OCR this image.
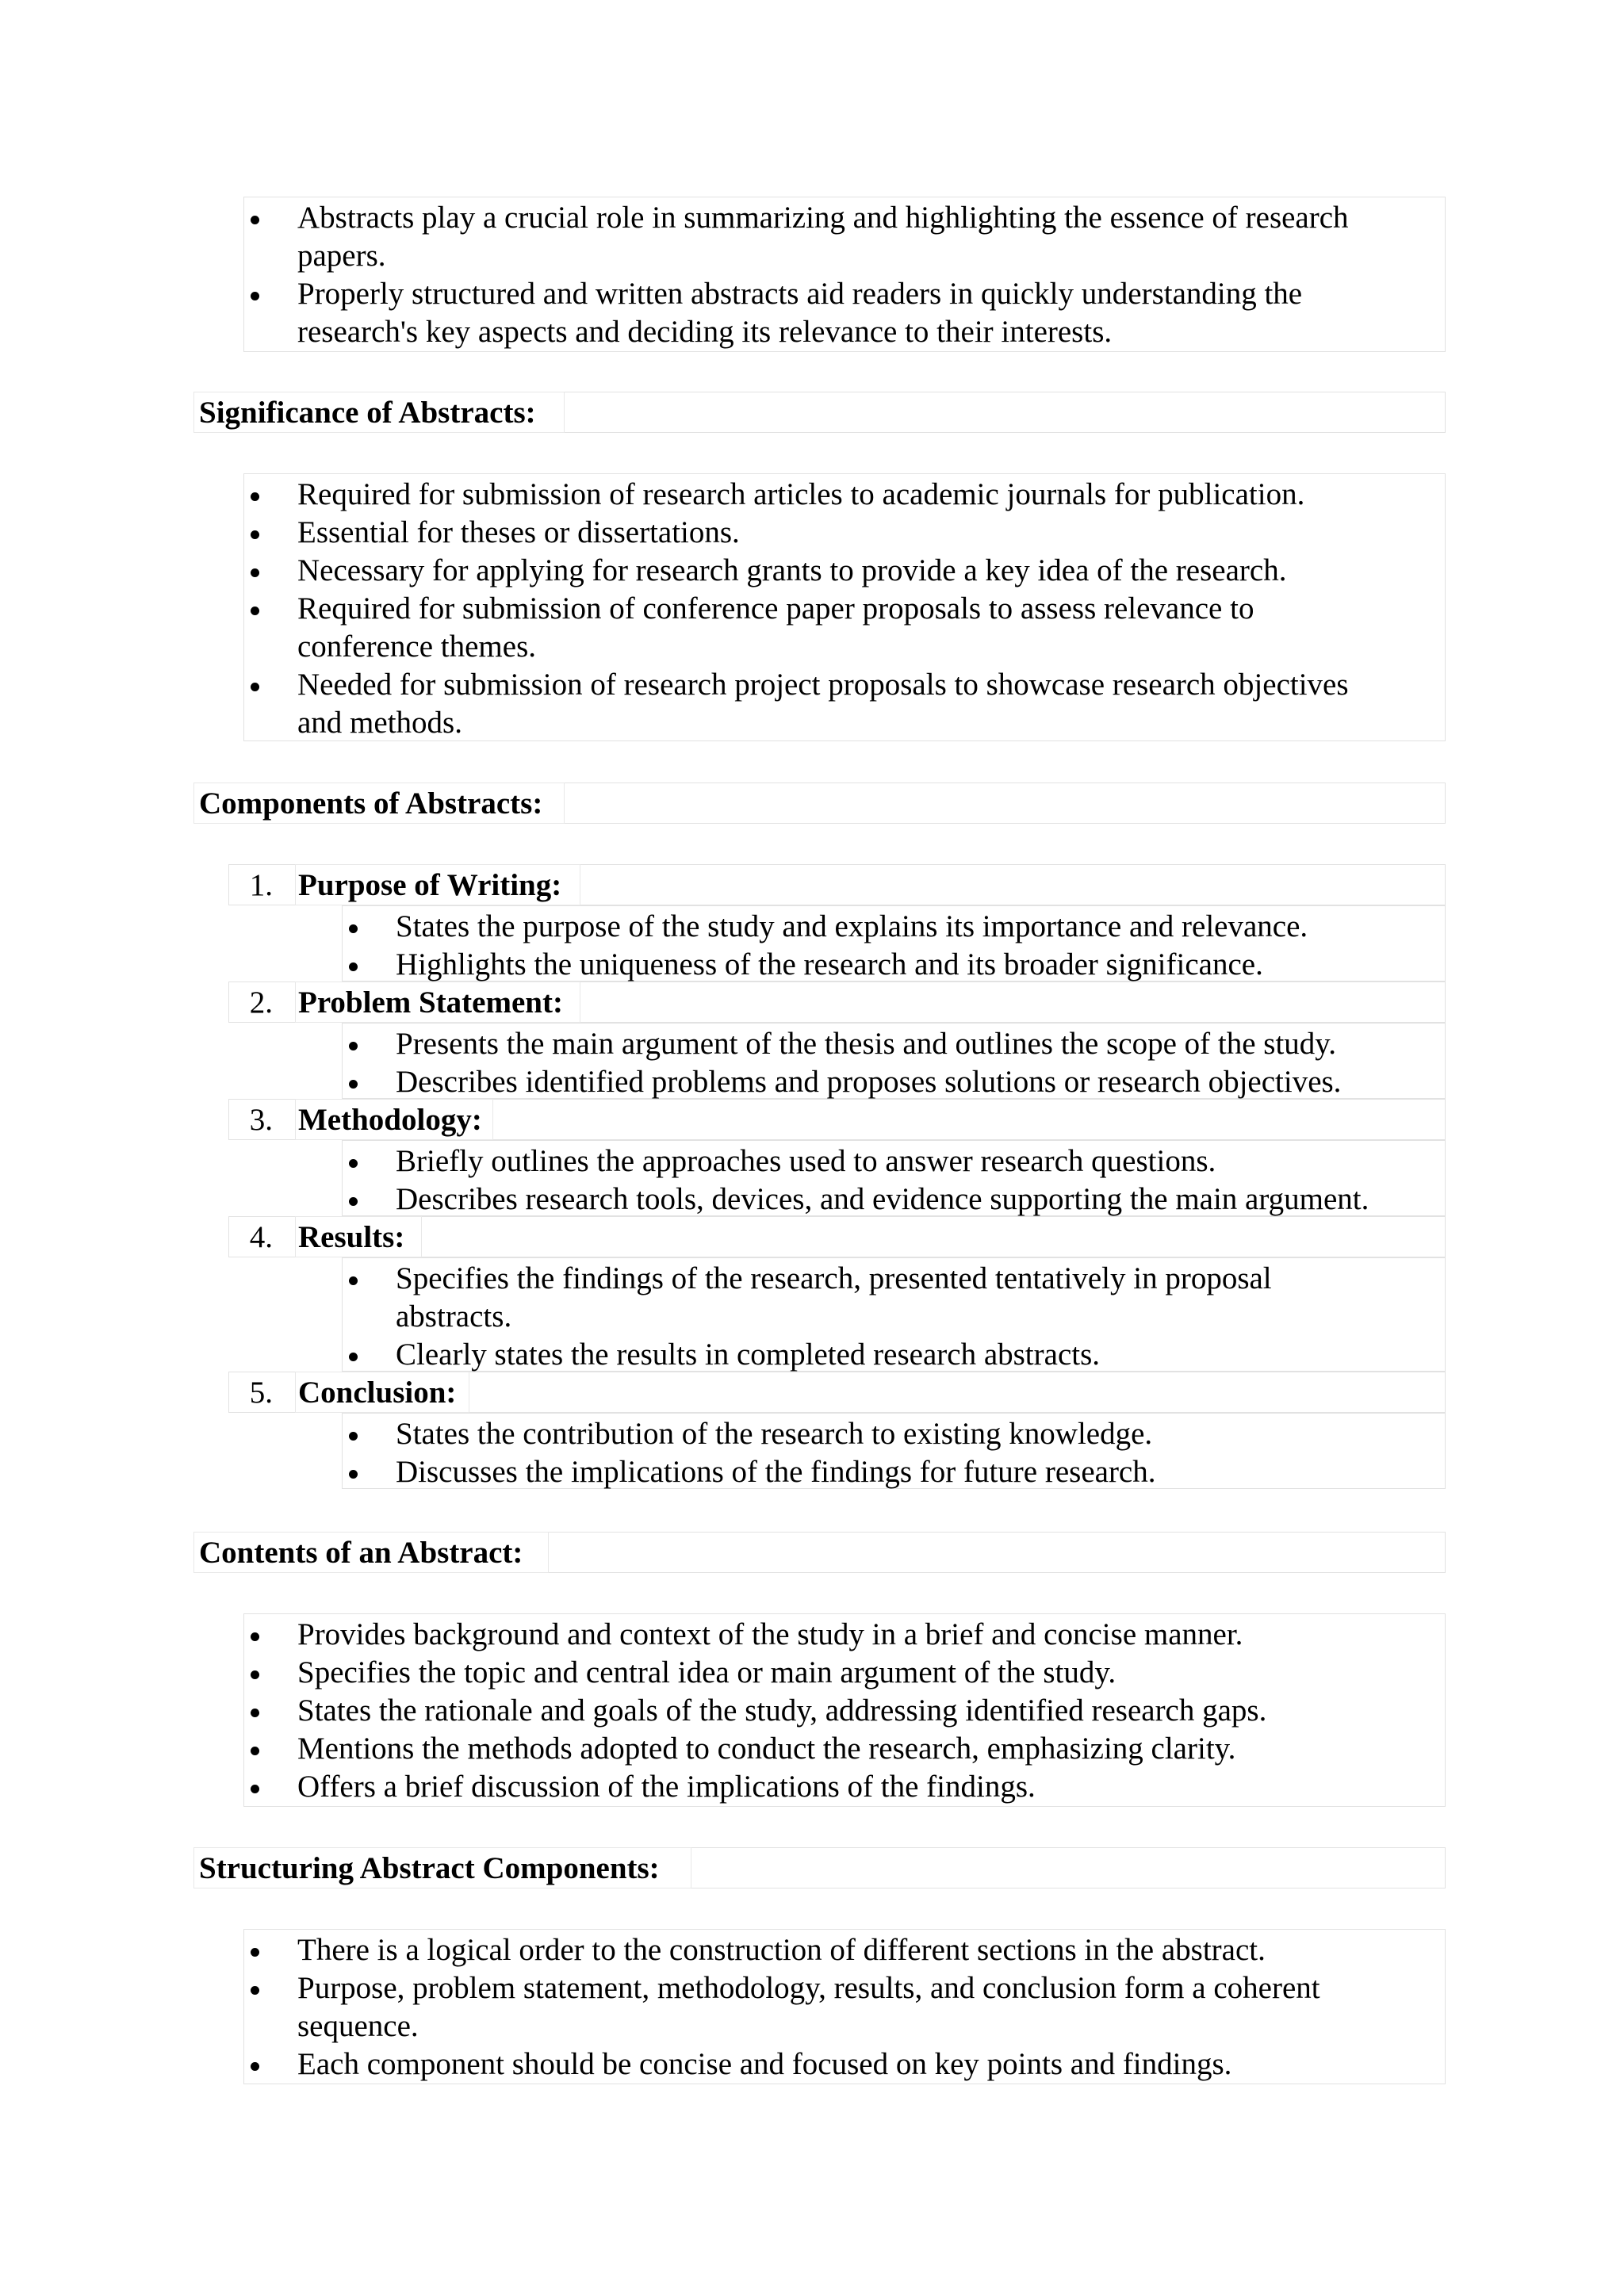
Abstracts play a crucial role in summarizing and highlighting the essence of research
papers.
Properly structured and written abstracts aid readers in quickly understanding the
research's key aspects and deciding its relevance to their interests.
Significance of Abstracts:
Required for submission of research articles to academic journals for publication.
Essential for theses or dissertations.
Necessary for applying for research grants to provide a key idea of the research.
Required for submission of conference paper proposals to assess relevance to
conference themes.
Needed for submission of research project proposals to showcase research objectives
and methods.
Components of Abstracts:
1. Purpose of Writing:
States the purpose of the study and explains its importance and relevance.
Highlights the uniqueness of the research and its broader significance.
2. Problem Statement:
Presents the main argument of the thesis and outlines the scope of the study.
Describes identified problems and proposes solutions or research objectives.
3. Methodology:
Briefly outlines the approaches used to answer research questions.
Describes research tools, devices, and evidence supporting the main argument.
4. Results:
Specifies the findings of the research, presented tentatively in proposal
abstracts.
Clearly states the results in completed research abstracts.
5. Conclusion:
States the contribution of the research to existing knowledge.
Discusses the implications of the findings for future research.
Contents of an Abstract:
Provides background and context of the study in a brief and concise manner.
Specifies the topic and central idea or main argument of the study.
States the rationale and goals of the study, addressing identified research gaps.
Mentions the methods adopted to conduct the research, emphasizing clarity.
Offers a brief discussion of the implications of the findings.
Structuring Abstract Components:
There is a logical order to the construction of different sections in the abstract.
Purpose, problem statement, methodology, results, and conclusion form a coherent
sequence.
Each component should be concise and focused on key points and findings.
